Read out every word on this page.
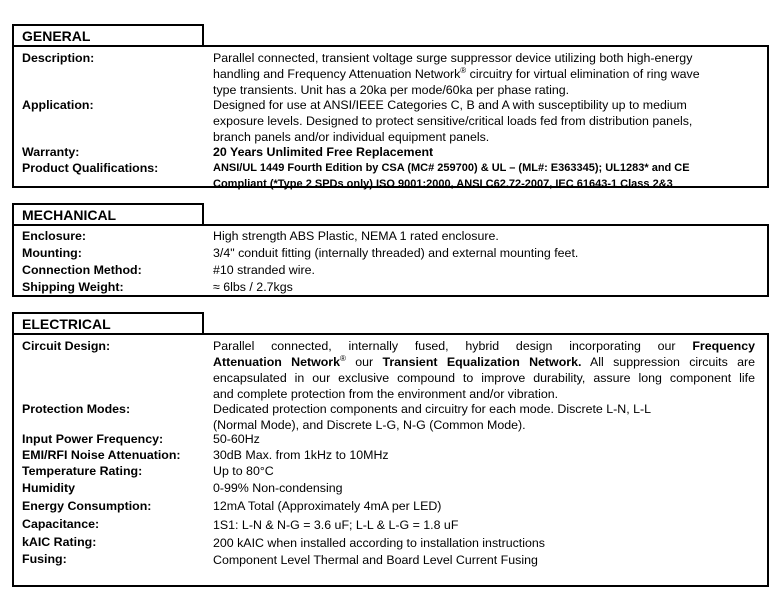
GENERAL
Description:	Parallel connected, transient voltage surge suppressor device utilizing both high-energy
handling and Frequency Attenuation Network® circuitry for virtual elimination of ring wave
type transients. Unit has a 20ka per mode/60ka per phase rating.
Application:	Designed for use at ANSI/IEEE Categories C, B and A with susceptibility up to medium
exposure levels. Designed to protect sensitive/critical loads fed from distribution panels,
branch panels and/or individual equipment panels.
Warranty:	20 Years Unlimited Free Replacement
Product Qualifications:	ANSI/UL 1449 Fourth Edition by CSA (MC# 259700) & UL – (ML#: E363345); UL1283* and CE
Compliant (*Type 2 SPDs only) ISO 9001:2000, ANSI C62.72-2007, IEC 61643-1 Class 2&3
MECHANICAL
Enclosure:	High strength ABS Plastic, NEMA 1 rated enclosure.
Mounting:	3/4" conduit fitting (internally threaded) and external mounting feet.
Connection Method:	#10 stranded wire.
Shipping Weight:	≈ 6lbs / 2.7kgs
ELECTRICAL
Circuit Design:	Parallel connected, internally fused, hybrid design incorporating our Frequency
Attenuation Network® our Transient Equalization Network. All suppression circuits are
encapsulated in our exclusive compound to improve durability, assure long component life
and complete protection from the environment and/or vibration.
Protection Modes:	Dedicated protection components and circuitry for each mode. Discrete L-N, L-L
(Normal Mode), and Discrete L-G, N-G (Common Mode).
Input Power Frequency:	50-60Hz
EMI/RFI Noise Attenuation:	30dB Max. from 1kHz to 10MHz
Temperature Rating:	Up to 80°C
Humidity	0-99% Non-condensing
Energy Consumption:	12mA Total (Approximately 4mA per LED)
Capacitance:	1S1: L-N & N-G = 3.6 uF; L-L & L-G = 1.8 uF
kAIC Rating:	200 kAIC when installed according to installation instructions
Fusing:	Component Level Thermal and Board Level Current Fusing
